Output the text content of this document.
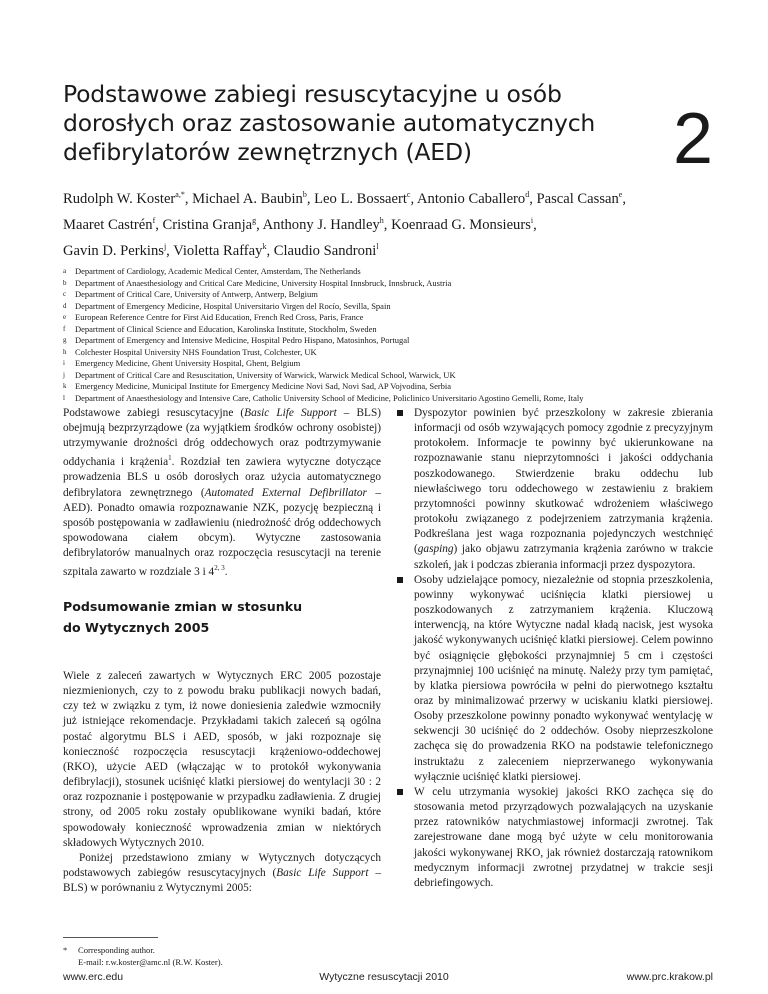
Podstawowe zabiegi resuscytacyjne u osób
dorosłych oraz zastosowanie automatycznych
defibrylatorów zewnętrznych (AED)	2
Rudolph W. Koster$^{a,*}$, Michael A. Baubin$^b$, Leo L. Bossaert$^c$, Antonio Caballero$^d$, Pascal Cassan$^e$,
Maaret Castrén$^f$, Cristina Granja$^g$, Anthony J. Handley$^h$, Koenraad G. Monsieurs$^i$,
Gavin D. Perkins$^j$, Violetta Raffay$^k$, Claudio Sandroni$^l$
a	Department of Cardiology, Academic Medical Center, Amsterdam, The Netherlands
b	Department of Anaesthesiology and Critical Care Medicine, University Hospital Innsbruck, Innsbruck, Austria
c	Department of Critical Care, University of Antwerp, Antwerp, Belgium
d	Department of Emergency Medicine, Hospital Universitario Virgen del Rocío, Sevilla, Spain
e	European Reference Centre for First Aid Education, French Red Cross, Paris, France
f	Department of Clinical Science and Education, Karolinska Institute, Stockholm, Sweden
g	Department of Emergency and Intensive Medicine, Hospital Pedro Hispano, Matosinhos, Portugal
h	Colchester Hospital University NHS Foundation Trust, Colchester, UK
i	Emergency Medicine, Ghent University Hospital, Ghent, Belgium
j	Department of Critical Care and Resuscitation, University of Warwick, Warwick Medical School, Warwick, UK
k	Emergency Medicine, Municipal Institute for Emergency Medicine Novi Sad, Novi Sad, AP Vojvodina, Serbia
l	Department of Anaesthesiology and Intensive Care, Catholic University School of Medicine, Policlinico Universitario Agostino Gemelli, Rome, Italy

Podstawowe zabiegi resuscytacyjne (Basic Life Support – BLS) obejmują bezprzyrządowe (za wyjątkiem środków ochrony osobistej) utrzymywanie drożności dróg oddechowych oraz podtrzymywanie oddychania i krążenia$^1$. Rozdział ten zawiera wytyczne dotyczące prowadzenia BLS u osób dorosłych oraz użycia automatycznego defibrylatora zewnętrznego (Automated External Defibrillator – AED). Ponadto omawia rozpoznawanie NZK, pozycję bezpieczną i sposób postępowania w zadławieniu (niedrożność dróg oddechowych spowodowana ciałem obcym). Wytyczne zastosowania defibrylatorów manualnych oraz rozpoczęcia resuscytacji na terenie szpitala zawarto w rozdziale 3 i 4$^{2, 3}$.

Podsumowanie zmian w stosunku
do Wytycznych 2005

Wiele z zaleceń zawartych w Wytycznych ERC 2005 pozostaje niezmienionych, czy to z powodu braku publikacji nowych badań, czy też w związku z tym, iż nowe doniesienia zaledwie wzmocniły już istniejące rekomendacje. Przykładami takich zaleceń są ogólna postać algorytmu BLS i AED, sposób, w jaki rozpoznaje się konieczność rozpoczęcia resuscytacji krążeniowo-oddechowej (RKO), użycie AED (włączając w to protokół wykonywania defibrylacji), stosunek uciśnięć klatki piersiowej do wentylacji 30 : 2 oraz rozpoznanie i postępowanie w przypadku zadławienia. Z drugiej strony, od 2005 roku zostały opublikowane wyniki badań, które spowodowały konieczność wprowadzenia zmian w niektórych składowych Wytycznych 2010.

Poniżej przedstawiono zmiany w Wytycznych dotyczących podstawowych zabiegów resuscytacyjnych (Basic Life Support – BLS) w porównaniu z Wytycznymi 2005:

* Corresponding author.
E-mail: r.w.koster@amc.nl (R.W. Koster).
Dyspozytor powinien być przeszkolony w zakresie zbierania informacji od osób wzywających pomocy zgodnie z precyzyjnym protokołem. Informacje te powinny być ukierunkowane na rozpoznawanie stanu nieprzytomności i jakości oddychania poszkodowanego. Stwierdzenie braku oddechu lub niewłaściwego toru oddechowego w zestawieniu z brakiem przytomności powinny skutkować wdrożeniem właściwego protokołu związanego z podejrzeniem zatrzymania krążenia. Podkreślana jest waga rozpoznania pojedynczych westchnięć (gasping) jako objawu zatrzymania krążenia zarówno w trakcie szkoleń, jak i podczas zbierania informacji przez dyspozytora.
Osoby udzielające pomocy, niezależnie od stopnia przeszkolenia, powinny wykonywać uciśnięcia klatki piersiowej u poszkodowanych z zatrzymaniem krążenia. Kluczową interwencją, na które Wytyczne nadal kładą nacisk, jest wysoka jakość wykonywanych uciśnięć klatki piersiowej. Celem powinno być osiągnięcie głębokości przynajmniej 5 cm i częstości przynajmniej 100 uciśnięć na minutę. Należy przy tym pamiętać, by klatka piersiowa powróciła w pełni do pierwotnego kształtu oraz by minimalizować przerwy w uciskaniu klatki piersiowej. Osoby przeszkolone powinny ponadto wykonywać wentylację w sekwencji 30 uciśnięć do 2 oddechów. Osoby nieprzeszkolone zachęca się do prowadzenia RKO na podstawie telefonicznego instruktażu z zaleceniem nieprzerwanego wykonywania wyłącznie uciśnięć klatki piersiowej.
W celu utrzymania wysokiej jakości RKO zachęca się do stosowania metod przyrządowych pozwalających na uzyskanie przez ratowników natychmiastowej informacji zwrotnej. Tak zarejestrowane dane mogą być użyte w celu monitorowania jakości wykonywanej RKO, jak również dostarczają ratownikom medycznym informacji zwrotnej przydatnej w trakcie sesji debriefingowych.
www.erc.edu	Wytyczne resuscytacji 2010	www.prc.krakow.pl
